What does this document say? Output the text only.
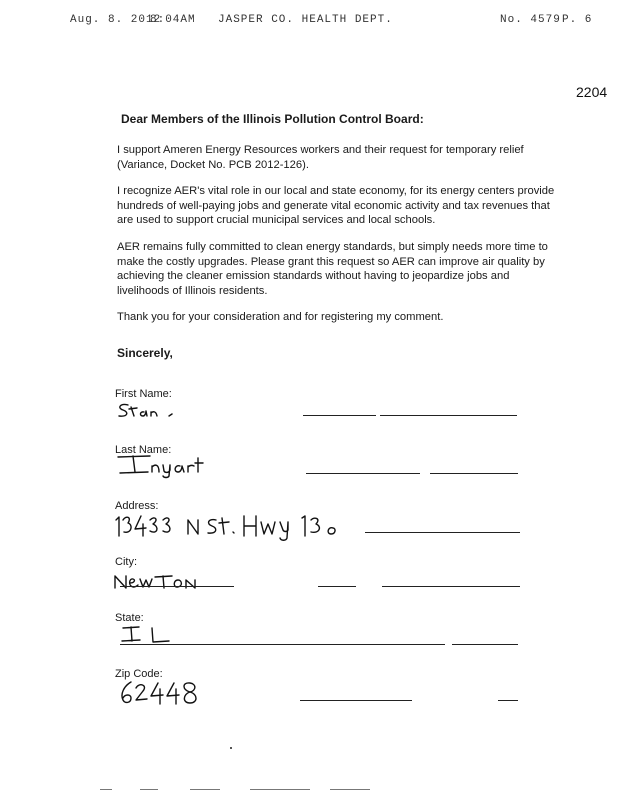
Aug. 8. 2012
8:04AM JASPER CO. HEALTH DEPT.	No. 4579 P. 6
2204
Dear Members of the Illinois Pollution Control Board:
I support Ameren Energy Resources workers and their request for temporary relief (Variance, Docket No. PCB 2012-126).
I recognize AER's vital role in our local and state economy, for its energy centers provide hundreds of well-paying jobs and generate vital economic activity and tax revenues that are used to support crucial municipal services and local schools.
AER remains fully committed to clean energy standards, but simply needs more time to make the costly upgrades. Please grant this request so AER can improve air quality by achieving the cleaner emission standards without having to jeopardize jobs and livelihoods of Illinois residents.
Thank you for your consideration and for registering my comment.
Sincerely,
First Name:
Last Name:
Address:
City:
State:
Zip Code:
